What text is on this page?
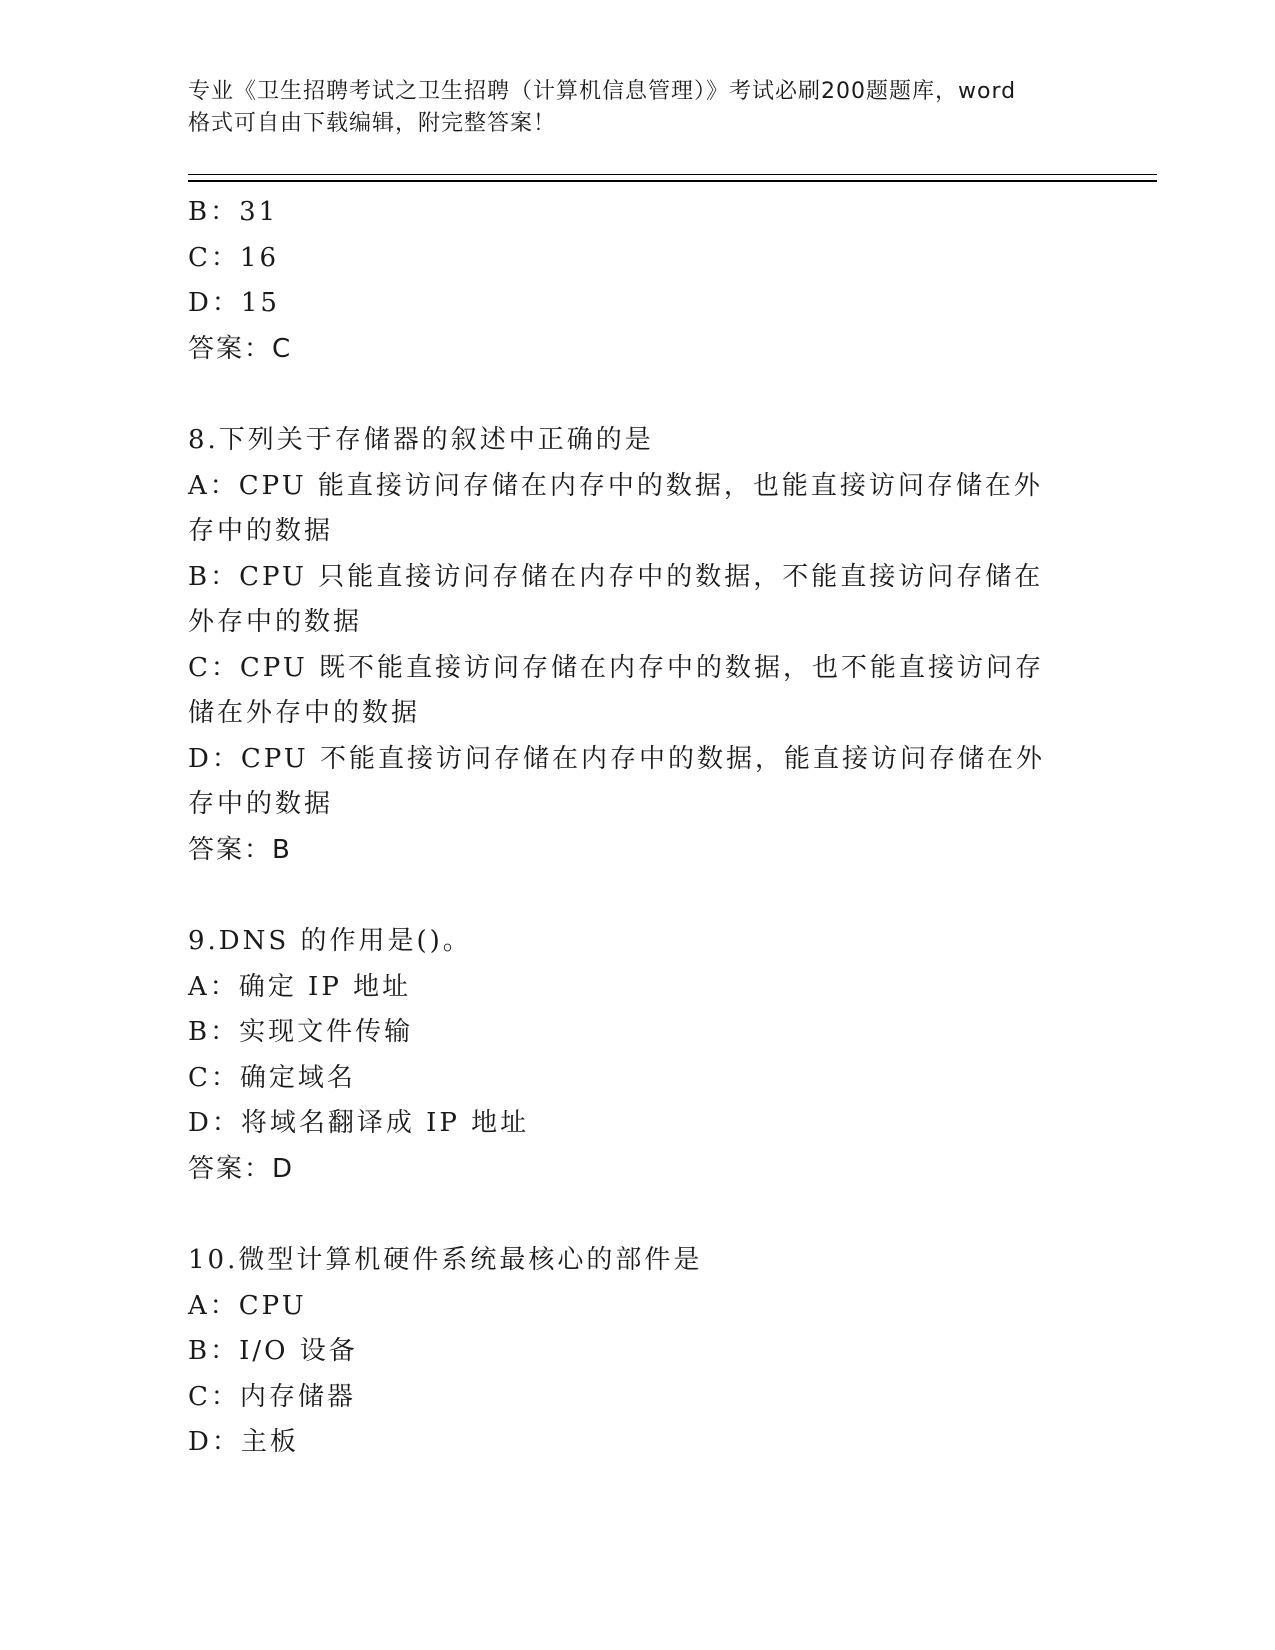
专业《卫生招聘考试之卫生招聘（计算机信息管理）》考试必刷200题题库，word
格式可自由下载编辑，附完整答案！
B：31
C：16
D：15
答案：C
8.下列关于存储器的叙述中正确的是
A：CPU 能直接访问存储在内存中的数据，也能直接访问存储在外存中的数据
B：CPU 只能直接访问存储在内存中的数据，不能直接访问存储在外存中的数据
C：CPU 既不能直接访问存储在内存中的数据，也不能直接访问存储在外存中的数据
D：CPU 不能直接访问存储在内存中的数据，能直接访问存储在外存中的数据
答案：B
9.DNS 的作用是()。
A：确定 IP 地址
B：实现文件传输
C：确定域名
D：将域名翻译成 IP 地址
答案：D
10.微型计算机硬件系统最核心的部件是
A：CPU
B：I/O 设备
C：内存储器
D：主板
